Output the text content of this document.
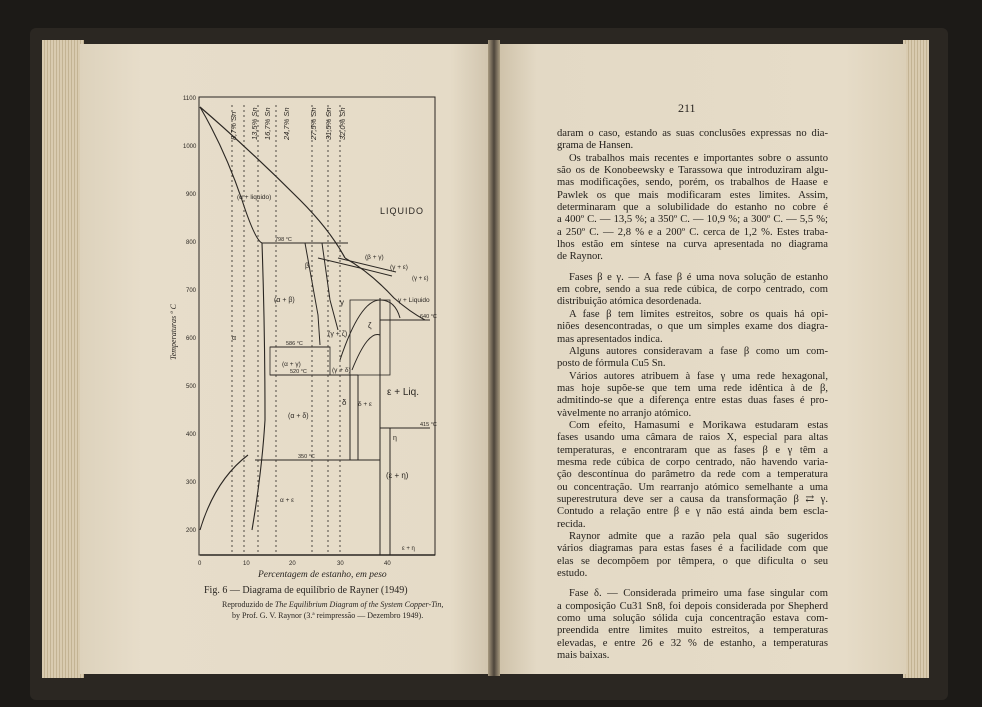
1100
1000
900
800
700
600
500
400
300
200
0	10	20	30	40
Temperaturas º C
8,7% Sn 13,5% Sn 16,7% Sn 24,7% Sn 27,5% Sn 31,5% Sn 32,0% Sn
LIQUIDO
(α + liquido)
(β + γ)
(γ + ε)
(γ + ε)
γ + Liquido
α
(α + β)
(α + γ)
(α + δ)
(γ + ζ)
(γ + δ)
δ + ε
ε + Liq.
(ε + η)
α + ε
ε + η
β
γ
δ
ζ
η
798 °C
586 °C
520 °C
350 °C
640 °C
415 °C
Percentagem de estanho, em peso
Fig. 6 — Diagrama de equilíbrio de Rayner (1949)
Reproduzido de The Equilibrium Diagram of the System Copper-Tin,
by Prof. G. V. Raynor (3.ª reimpressão — Dezembro 1949).
211
daram o caso, estando as suas conclusões expressas no dia-
grama de Hansen.
Os trabalhos mais recentes e importantes sobre o assunto
são os de Konobeewsky e Tarassowa que introduziram algu-
mas modificações, sendo, porém, os trabalhos de Haase e
Pawlek os que mais modificaram estes limites. Assim,
determinaram que a solubilidade do estanho no cobre é
a 400º C. — 13,5 %; a 350º C. — 10,9 %; a 300º C. — 5,5 %;
a 250º C. — 2,8 % e a 200º C. cerca de 1,2 %. Estes traba-
lhos estão em síntese na curva apresentada no diagrama
de Raynor.
Fases β e γ. — A fase β é uma nova solução de estanho
em cobre, sendo a sua rede cúbica, de corpo centrado, com
distribuição atómica desordenada.
A fase β tem limites estreitos, sobre os quais há opi-
niões desencontradas, o que um simples exame dos diagra-
mas apresentados indica.
Alguns autores consideravam a fase β como um com-
posto de fórmula Cu5 Sn.
Vários autores atribuem à fase γ uma rede hexagonal,
mas hoje supõe-se que tem uma rede idêntica à de β,
admitindo-se que a diferença entre estas duas fases é pro-
vàvelmente no arranjo atómico.
Com efeito, Hamasumi e Morikawa estudaram estas
fases usando uma câmara de raios X, especial para altas
temperaturas, e encontraram que as fases β e γ têm a
mesma rede cúbica de corpo centrado, não havendo varia-
ção descontínua do parâmetro da rede com a temperatura
ou concentração. Um rearranjo atómico semelhante a uma
superestrutura deve ser a causa da transformação β ⇄ γ.
Contudo a relação entre β e γ não está ainda bem escla-
recida.
Raynor admite que a razão pela qual são sugeridos
vários diagramas para estas fases é a facilidade com que
elas se decompõem por têmpera, o que dificulta o seu
estudo.
Fase δ. — Considerada primeiro uma fase singular com
a composição Cu31 Sn8, foi depois considerada por Shepherd
como uma solução sólida cuja concentração estava com-
preendida entre limites muito estreitos, a temperaturas
elevadas, e entre 26 e 32 % de estanho, a temperaturas
mais baixas.
